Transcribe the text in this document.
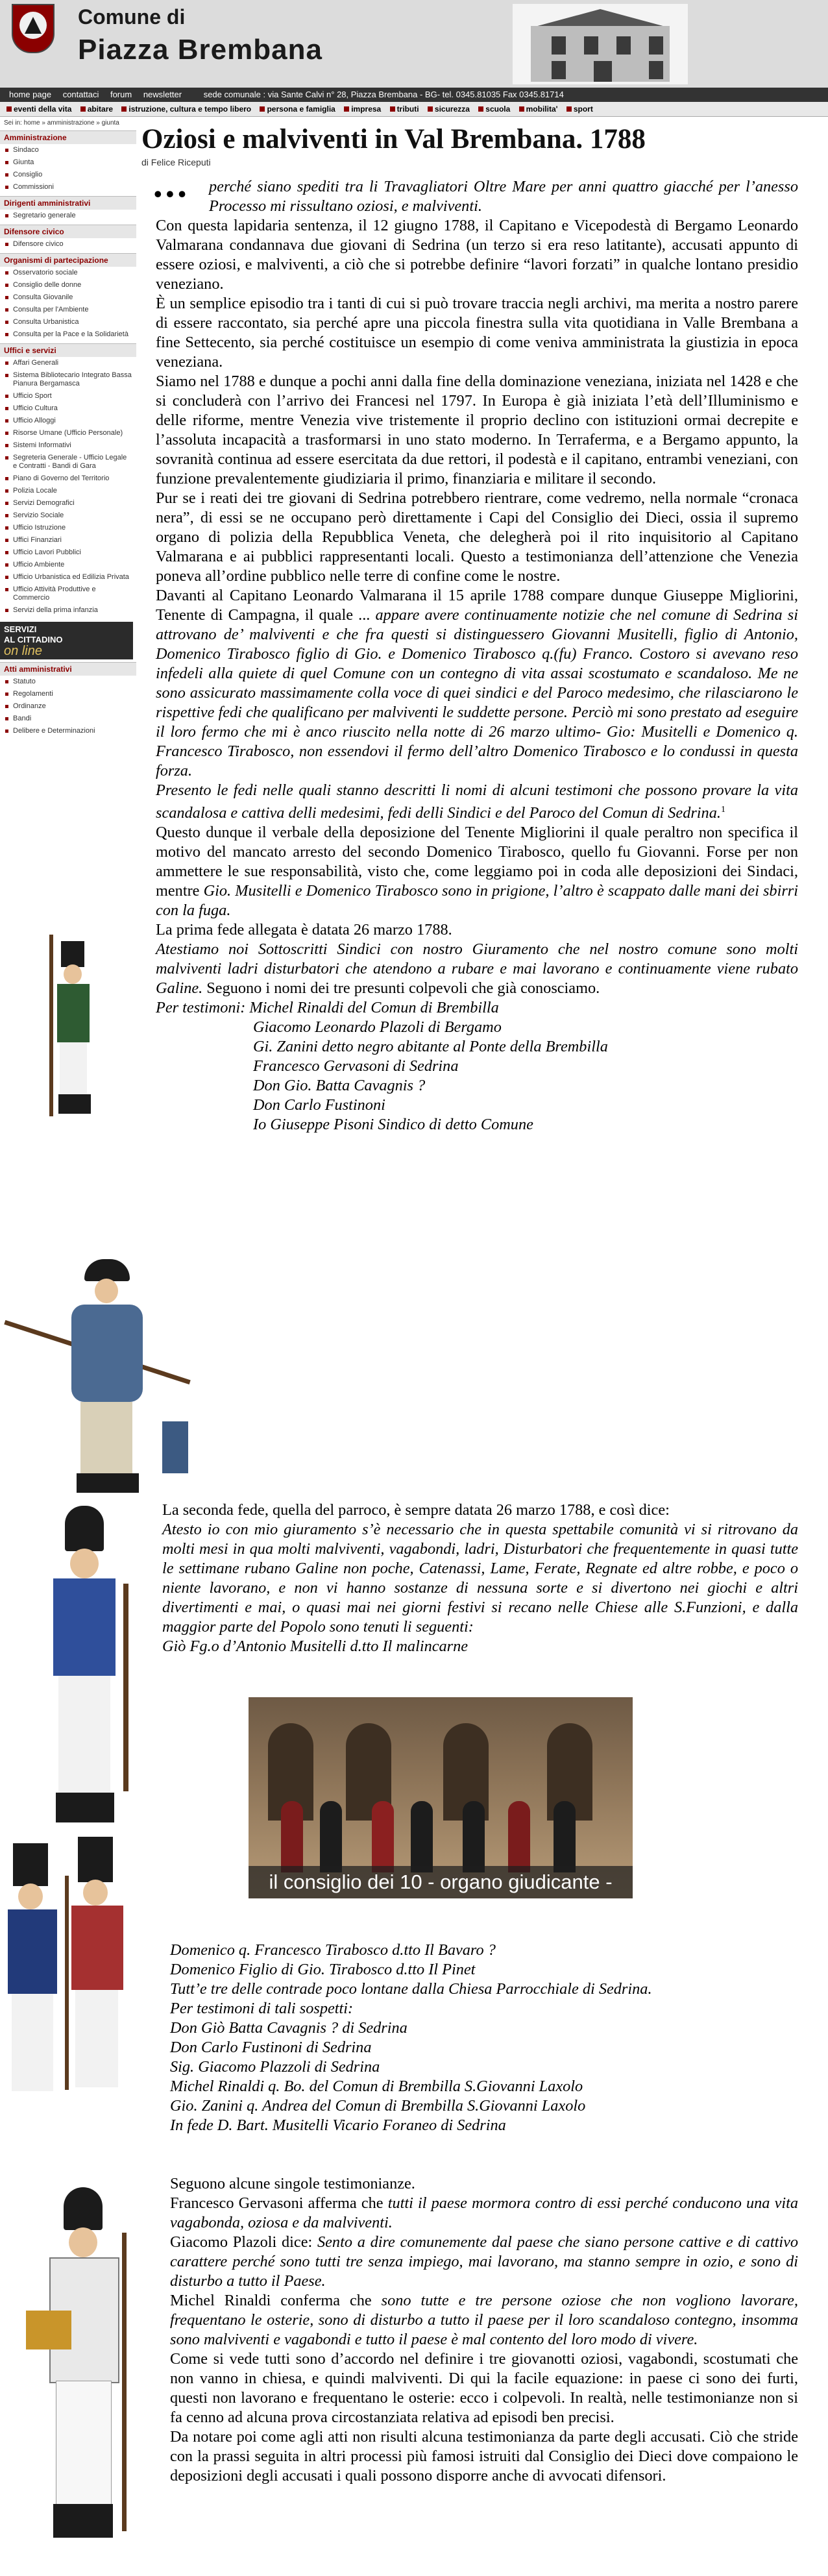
Comune di
Piazza Brembana
home page contattaci forum newsletter	sede comunale : via Sante Calvi n° 28, Piazza Brembana - BG- tel. 0345.81035 Fax 0345.81714
eventi della vita abitare istruzione, cultura e tempo libero persona e famiglia impresa tributi sicurezza scuola mobilita' sport
Sei in: home » amministrazione » giunta
Amministrazione
Sindaco
Giunta
Consiglio
Commissioni
Dirigenti amministrativi
Segretario generale
Difensore civico
Difensore civico
Organismi di partecipazione
Osservatorio sociale
Consiglio delle donne
Consulta Giovanile
Consulta per l'Ambiente
Consulta Urbanistica
Consulta per la Pace e la Solidarietà
Uffici e servizi
Affari Generali
Sistema Bibliotecario Integrato Bassa Pianura Bergamasca
Ufficio Sport
Ufficio Cultura
Ufficio Alloggi
Risorse Umane (Ufficio Personale)
Sistemi Informativi
Segreteria Generale - Ufficio Legale e Contratti - Bandi di Gara
Piano di Governo del Territorio
Polizia Locale
Servizi Demografici
Servizio Sociale
Ufficio Istruzione
Uffici Finanziari
Ufficio Lavori Pubblici
Ufficio Ambiente
Ufficio Urbanistica ed Edilizia Privata
Ufficio Attività Produttive e Commercio
Servizi della prima infanzia
SERVIZI
AL CITTADINO
on line
Atti amministrativi
Statuto
Regolamenti
Ordinanze
Bandi
Delibere e Determinazioni
Oziosi e malviventi in Val Brembana. 1788
di Felice Riceputi
•••	perché siano spediti tra li Travagliatori Oltre Mare per anni quattro giacché per l’anesso Processo mi rissultano oziosi, e malviventi.

Con questa lapidaria sentenza, il 12 giugno 1788, il Capitano e Vicepodestà di Bergamo Leonardo Valmarana condannava due giovani di Sedrina (un terzo si era reso latitante), accusati appunto di essere oziosi, e malviventi, a ciò che si potrebbe definire “lavori forzati” in qualche lontano presidio veneziano.

È un semplice episodio tra i tanti di cui si può trovare traccia negli archivi, ma merita a nostro parere di essere raccontato, sia perché apre una piccola finestra sulla vita quotidiana in Valle Brembana a fine Settecento, sia perché costituisce un esempio di come veniva amministrata la giustizia in epoca veneziana.

Siamo nel 1788 e dunque a pochi anni dalla fine della dominazione veneziana, iniziata nel 1428 e che si concluderà con l’arrivo dei Francesi nel 1797. In Europa è già iniziata l’età dell’Illuminismo e delle riforme, mentre Venezia vive tristemente il proprio declino con istituzioni ormai decrepite e l’assoluta incapacità a trasformarsi in uno stato moderno. In Terraferma, e a Bergamo appunto, la sovranità continua ad essere esercitata da due rettori, il podestà e il capitano, entrambi veneziani, con funzione prevalentemente giudiziaria il primo, finanziaria e militare il secondo.

Pur se i reati dei tre giovani di Sedrina potrebbero rientrare, come vedremo, nella normale “cronaca nera”, di essi se ne occupano però direttamente i Capi del Consiglio dei Dieci, ossia il supremo organo di polizia della Repubblica Veneta, che delegherà poi il rito inquisitorio al Capitano Valmarana e ai pubblici rappresentanti locali. Questo a testimonianza dell’attenzione che Venezia poneva all’ordine pubblico nelle terre di confine come le nostre.

Davanti al Capitano Leonardo Valmarana il 15 aprile 1788 compare dunque Giuseppe Migliorini, Tenente di Campagna, il quale ... appare avere continuamente notizie che nel comune di Sedrina si attrovano de’ malviventi e che fra questi si distinguessero Giovanni Musitelli, figlio di Antonio, Domenico Tirabosco figlio di Gio. e Domenico Tirabosco q.(fu) Franco. Costoro si avevano reso infedeli alla quiete di quel Comune con un contegno di vita assai scostumato e scandaloso. Me ne sono assicurato massimamente colla voce di quei sindici e del Paroco medesimo, che rilasciarono le rispettive fedi che qualificano per malviventi le suddette persone. Perciò mi sono prestato ad eseguire il loro fermo che mi è anco riuscito nella notte di 26 marzo ultimo- Gio: Musitelli e Domenico q. Francesco Tirabosco, non essendovi il fermo dell’altro Domenico Tirabosco e lo condussi in questa forza.

Presento le fedi nelle quali stanno descritti li nomi di alcuni testimoni che possono provare la vita scandalosa e cattiva delli medesimi, fedi delli Sindici e del Paroco del Comun di Sedrina.$^1$

Questo dunque il verbale della deposizione del Tenente Migliorini il quale peraltro non specifica il motivo del mancato arresto del secondo Domenico Tirabosco, quello fu Giovanni. Forse per non ammettere le sue responsabilità, visto che, come leggiamo poi in coda alle deposizioni dei Sindaci, mentre Gio. Musitelli e Domenico Tirabosco sono in prigione, l’altro è scappato dalle mani dei sbirri con la fuga.

La prima fede allegata è datata 26 marzo 1788.

Atestiamo noi Sottoscritti Sindici con nostro Giuramento che nel nostro comune sono molti malviventi ladri disturbatori che atendono a rubare e mai lavorano e continuamente viene rubato Galine. Seguono i nomi dei tre presunti colpevoli che già conosciamo.

Per testimoni: Michel Rinaldi del Comun di Brembilla

Giacomo Leonardo Plazoli di Bergamo

Gi. Zanini detto negro abitante al Ponte della Brembilla

Francesco Gervasoni di Sedrina

Don Gio. Batta Cavagnis ?

Don Carlo Fustinoni

Io Giuseppe Pisoni Sindico di detto Comune

La seconda fede, quella del parroco, è sempre datata 26 marzo 1788, e così dice:

Atesto io con mio giuramento s’è necessario che in questa spettabile comunità vi si ritrovano da molti mesi in qua molti malviventi, vagabondi, ladri, Disturbatori che frequentemente in quasi tutte le settimane rubano Galine non poche, Catenassi, Lame, Ferate, Regnate ed altre robbe, e poco o niente lavorano, e non vi hanno sostanze di nessuna sorte e si divertono nei giochi e altri divertimenti e mai, o quasi mai nei giorni festivi si recano nelle Chiese alle S.Funzioni, e dalla maggior parte del Popolo sono tenuti li seguenti:

Giò Fg.o d’Antonio Musitelli d.tto Il malincarne

il consiglio dei 10 - organo giudicante -

Domenico q. Francesco Tirabosco d.tto Il Bavaro ?

Domenico Figlio di Gio. Tirabosco d.tto Il Pinet

Tutt’e tre delle contrade poco lontane dalla Chiesa Parrocchiale di Sedrina.

Per testimoni di tali sospetti:

Don Giò Batta Cavagnis ? di Sedrina

Don Carlo Fustinoni di Sedrina

Sig. Giacomo Plazzoli di Sedrina

Michel Rinaldi q. Bo. del Comun di Brembilla S.Giovanni Laxolo

Gio. Zanini q. Andrea del Comun di Brembilla S.Giovanni Laxolo

In fede D. Bart. Musitelli Vicario Foraneo di Sedrina

Seguono alcune singole testimonianze.

Francesco Gervasoni afferma che tutti il paese mormora contro di essi perché conducono una vita vagabonda, oziosa e da malviventi.

Giacomo Plazoli dice: Sento a dire comunemente dal paese che siano persone cattive e di cattivo carattere perché sono tutti tre senza impiego, mai lavorano, ma stanno sempre in ozio, e sono di disturbo a tutto il Paese.

Michel Rinaldi conferma che sono tutte e tre persone oziose che non vogliono lavorare, frequentano le osterie, sono di disturbo a tutto il paese per il loro scandaloso contegno, insomma sono malviventi e vagabondi e tutto il paese è mal contento del loro modo di vivere.

Come si vede tutti sono d’accordo nel definire i tre giovanotti oziosi, vagabondi, scostumati che non vanno in chiesa, e quindi malviventi. Di qui la facile equazione: in paese ci sono dei furti, questi non lavorano e frequentano le osterie: ecco i colpevoli. In realtà, nelle testimonianze non si fa cenno ad alcuna prova circostanziata relativa ad episodi ben precisi.

Da notare poi come agli atti non risulti alcuna testimonianza da parte degli accusati. Ciò che stride con la prassi seguita in altri processi più famosi istruiti dal Consiglio dei Dieci dove compaiono le deposizioni degli accusati i quali possono disporre anche di avvocati difensori.
